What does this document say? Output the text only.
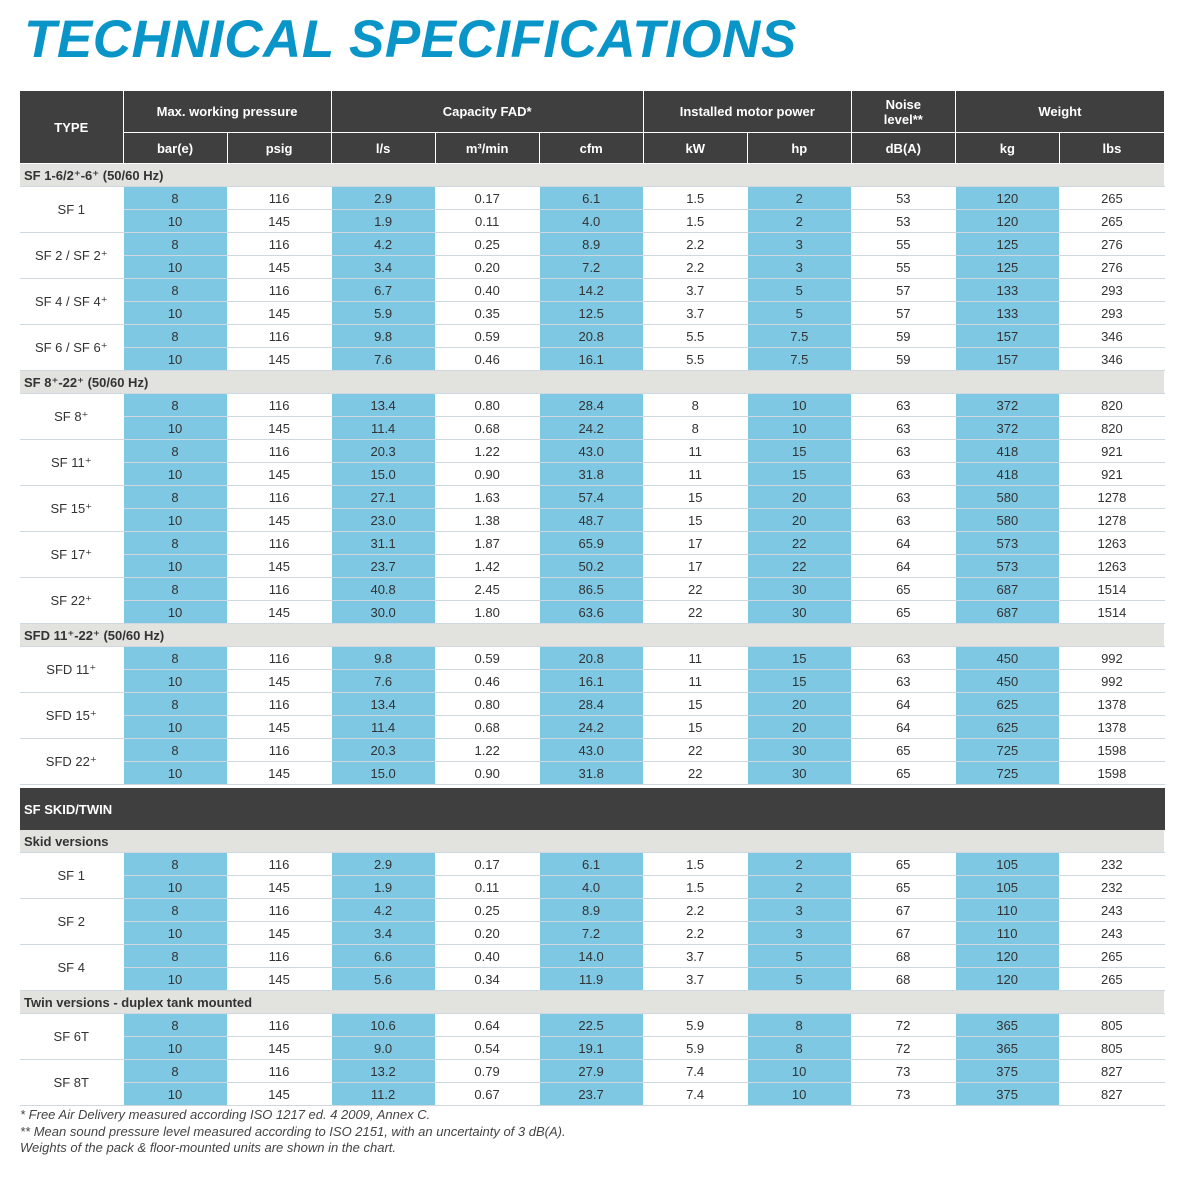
TECHNICAL SPECIFICATIONS
TYPE	Max. working pressure		Capacity FAD*			Installed motor power		Noise level**	Weight	
	bar(e)	psig	l/s	m³/min	cfm	kW	hp	dB(A)	kg	lbs
SF 1-6/2⁺-6⁺ (50/60 Hz)										
SF 1	8	116	2.9	0.17	6.1	1.5	2	53	120	265
	10	145	1.9	0.11	4.0	1.5	2	53	120	265
SF 2 / SF 2⁺	8	116	4.2	0.25	8.9	2.2	3	55	125	276
	10	145	3.4	0.20	7.2	2.2	3	55	125	276
SF 4 / SF 4⁺	8	116	6.7	0.40	14.2	3.7	5	57	133	293
	10	145	5.9	0.35	12.5	3.7	5	57	133	293
SF 6 / SF 6⁺	8	116	9.8	0.59	20.8	5.5	7.5	59	157	346
	10	145	7.6	0.46	16.1	5.5	7.5	59	157	346
SF 8⁺-22⁺ (50/60 Hz)										
SF 8⁺	8	116	13.4	0.80	28.4	8	10	63	372	820
	10	145	11.4	0.68	24.2	8	10	63	372	820
SF 11⁺	8	116	20.3	1.22	43.0	11	15	63	418	921
	10	145	15.0	0.90	31.8	11	15	63	418	921
SF 15⁺	8	116	27.1	1.63	57.4	15	20	63	580	1278
	10	145	23.0	1.38	48.7	15	20	63	580	1278
SF 17⁺	8	116	31.1	1.87	65.9	17	22	64	573	1263
	10	145	23.7	1.42	50.2	17	22	64	573	1263
SF 22⁺	8	116	40.8	2.45	86.5	22	30	65	687	1514
	10	145	30.0	1.80	63.6	22	30	65	687	1514
SFD 11⁺-22⁺ (50/60 Hz)										
SFD 11⁺	8	116	9.8	0.59	20.8	11	15	63	450	992
	10	145	7.6	0.46	16.1	11	15	63	450	992
SFD 15⁺	8	116	13.4	0.80	28.4	15	20	64	625	1378
	10	145	11.4	0.68	24.2	15	20	64	625	1378
SFD 22⁺	8	116	20.3	1.22	43.0	22	30	65	725	1598
	10	145	15.0	0.90	31.8	22	30	65	725	1598
SF SKID/TWIN										
Skid versions										
SF 1	8	116	2.9	0.17	6.1	1.5	2	65	105	232
	10	145	1.9	0.11	4.0	1.5	2	65	105	232
SF 2	8	116	4.2	0.25	8.9	2.2	3	67	110	243
	10	145	3.4	0.20	7.2	2.2	3	67	110	243
SF 4	8	116	6.6	0.40	14.0	3.7	5	68	120	265
	10	145	5.6	0.34	11.9	3.7	5	68	120	265
Twin versions - duplex tank mounted										
SF 6T	8	116	10.6	0.64	22.5	5.9	8	72	365	805
	10	145	9.0	0.54	19.1	5.9	8	72	365	805
SF 8T	8	116	13.2	0.79	27.9	7.4	10	73	375	827
	10	145	11.2	0.67	23.7	7.4	10	73	375	827
* Free Air Delivery measured according ISO 1217 ed. 4 2009, Annex C.
** Mean sound pressure level measured according to ISO 2151, with an uncertainty of 3 dB(A).
Weights of the pack & floor-mounted units are shown in the chart.
